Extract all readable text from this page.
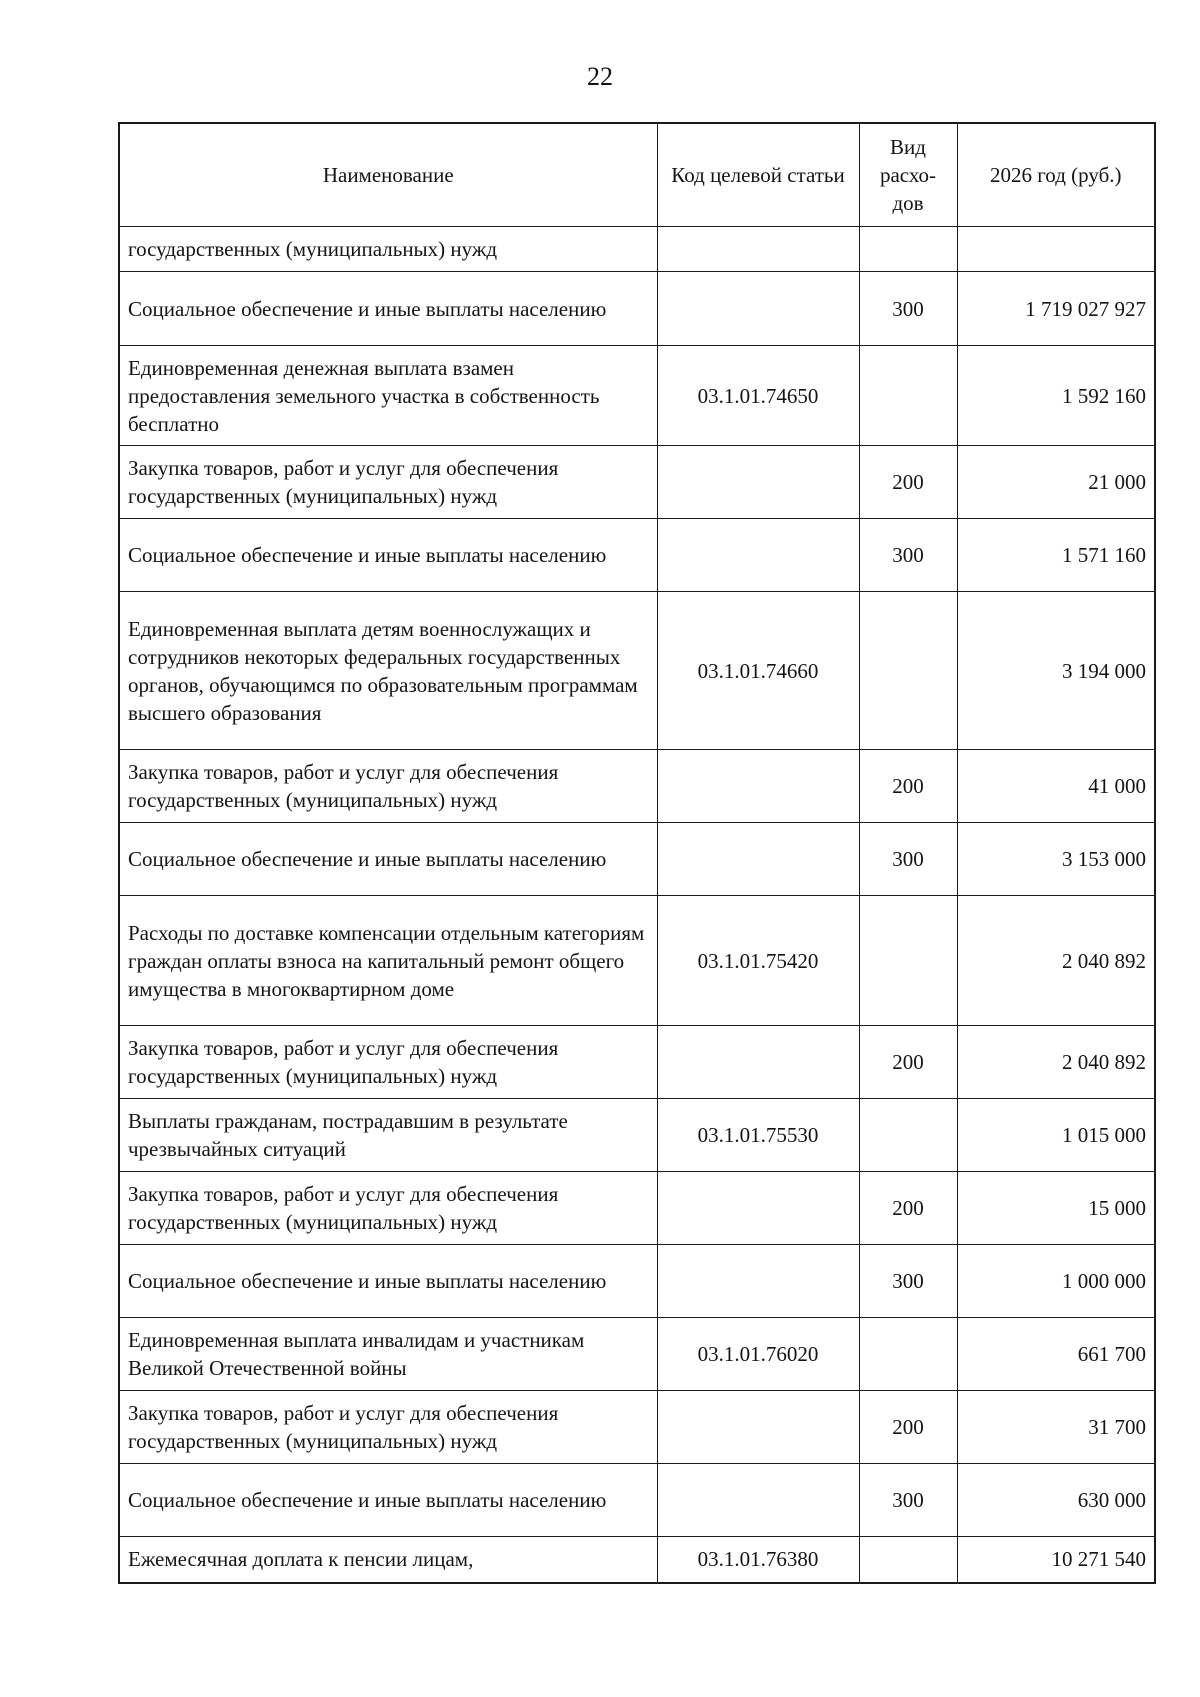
22
Наименование	Код целевой статьи	Вид расхо-дов	2026 год (руб.)
государственных (муниципальных) нужд			
Социальное обеспечение и иные выплаты населению		300	1 719 027 927
Единовременная денежная выплата взамен предоставления земельного участка в собственность бесплатно	03.1.01.74650		1 592 160
Закупка товаров, работ и услуг для обеспечения государственных (муниципальных) нужд		200	21 000
Социальное обеспечение и иные выплаты населению		300	1 571 160
Единовременная выплата детям военнослужащих и сотрудников некоторых федеральных государственных органов, обучающимся по образовательным программам высшего образования	03.1.01.74660		3 194 000
Закупка товаров, работ и услуг для обеспечения государственных (муниципальных) нужд		200	41 000
Социальное обеспечение и иные выплаты населению		300	3 153 000
Расходы по доставке компенсации отдельным категориям граждан оплаты взноса на капитальный ремонт общего имущества в многоквартирном доме	03.1.01.75420		2 040 892
Закупка товаров, работ и услуг для обеспечения государственных (муниципальных) нужд		200	2 040 892
Выплаты гражданам, пострадавшим в результате чрезвычайных ситуаций	03.1.01.75530		1 015 000
Закупка товаров, работ и услуг для обеспечения государственных (муниципальных) нужд		200	15 000
Социальное обеспечение и иные выплаты населению		300	1 000 000
Единовременная выплата инвалидам и участникам Великой Отечественной войны	03.1.01.76020		661 700
Закупка товаров, работ и услуг для обеспечения государственных (муниципальных) нужд		200	31 700
Социальное обеспечение и иные выплаты населению		300	630 000
Ежемесячная доплата к пенсии лицам,	03.1.01.76380		10 271 540
